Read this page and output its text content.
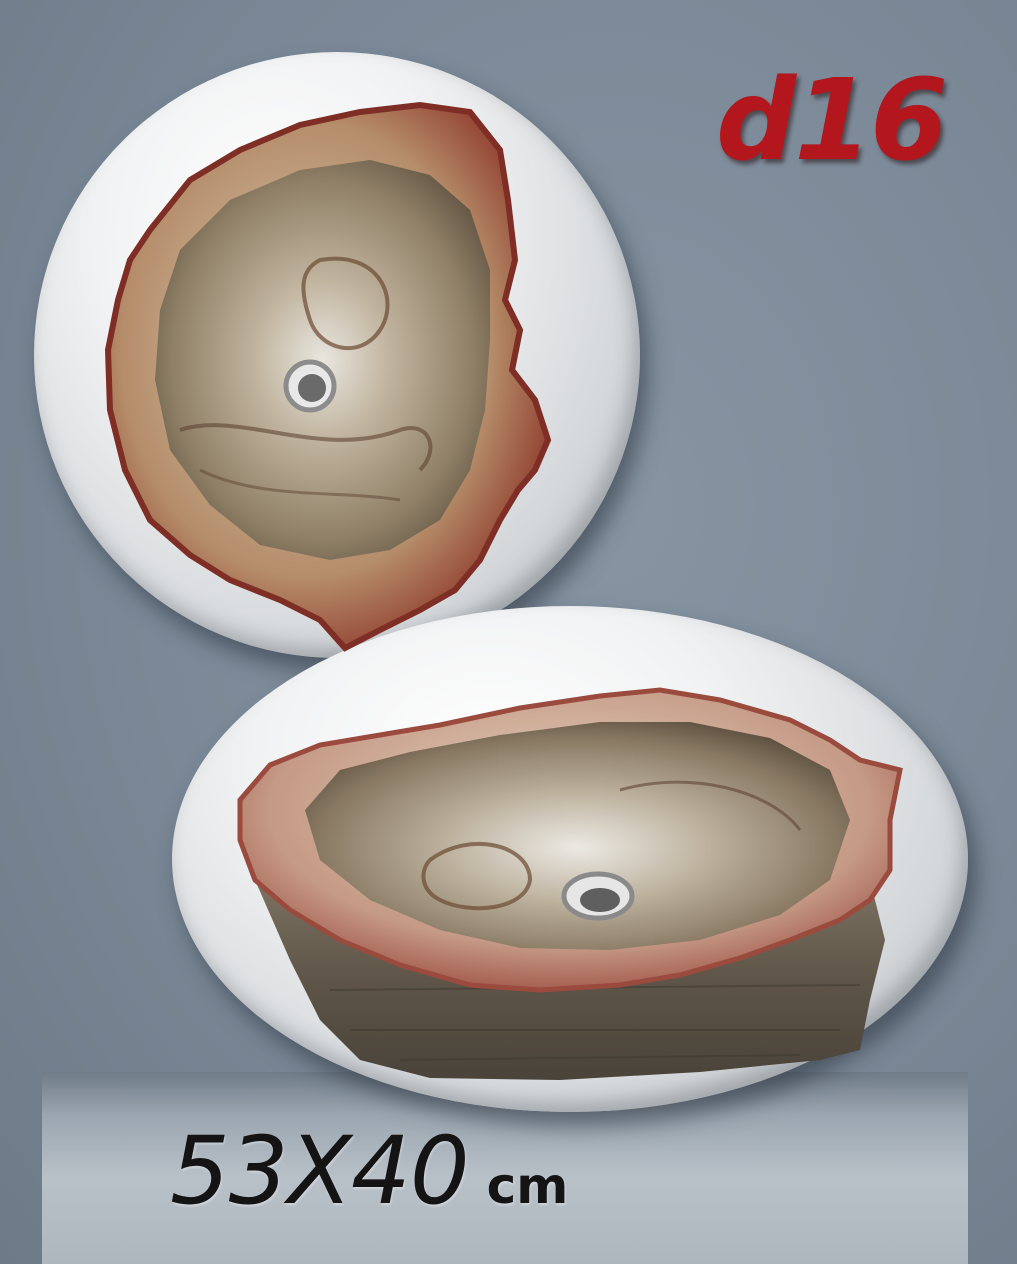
d16
53X40 cm
